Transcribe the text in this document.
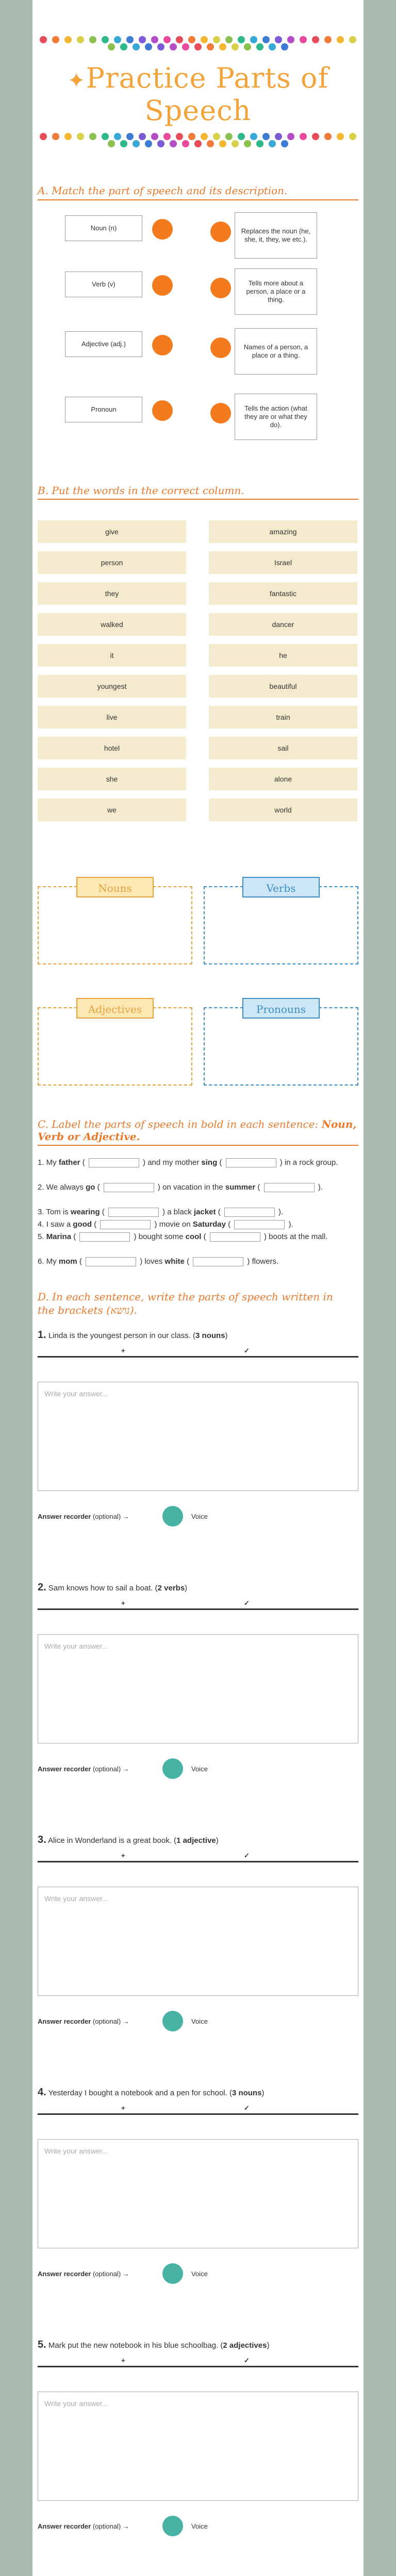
✦Practice Parts of Speech
A. Match the part of speech and its description.
Noun (n)	Replaces the noun (he, she, it, they, we etc.).
Verb (v)	Tells more about a person, a place or a thing.
Adjective (adj.)	Names of a person, a place or a thing.
Pronoun	Tells the action (what they are or what they do).
B. Put the words in the correct column.
give	amazing
person	Israel
they	fantastic
walked	dancer
it	he
youngest	beautiful
live	train
hotel	sail
she	alone
we	world
Nouns	Verbs
Adjectives	Pronouns
C. Label the parts of speech in bold in each sentence: Noun, Verb or Adjective.
1. My father (	) and my mother sing (	) in a rock group.
2. We always go (	) on vacation in the summer (	).
3. Tom is wearing (	) a black jacket (	).
4. I saw a good (	) movie on Saturday (	).
5. Marina (	) bought some cool (	) boots at the mall.
6. My mom (	) loves white (	) flowers.
D. In each sentence, write the parts of speech written in the brackets (נושא).
1. Linda is the youngest person in our class. (3 nouns)
+	✓
Write your answer...
Answer recorder (optional) →	Voice
2. Sam knows how to sail a boat. (2 verbs)
+	✓
Write your answer...
Answer recorder (optional) →	Voice
3. Alice in Wonderland is a great book. (1 adjective)
+	✓
Write your answer...
Answer recorder (optional) →	Voice
4. Yesterday I bought a notebook and a pen for school. (3 nouns)
+	✓
Write your answer...
Answer recorder (optional) →	Voice
5. Mark put the new notebook in his blue schoolbag. (2 adjectives)
+	✓
Write your answer...
Answer recorder (optional) →	Voice
